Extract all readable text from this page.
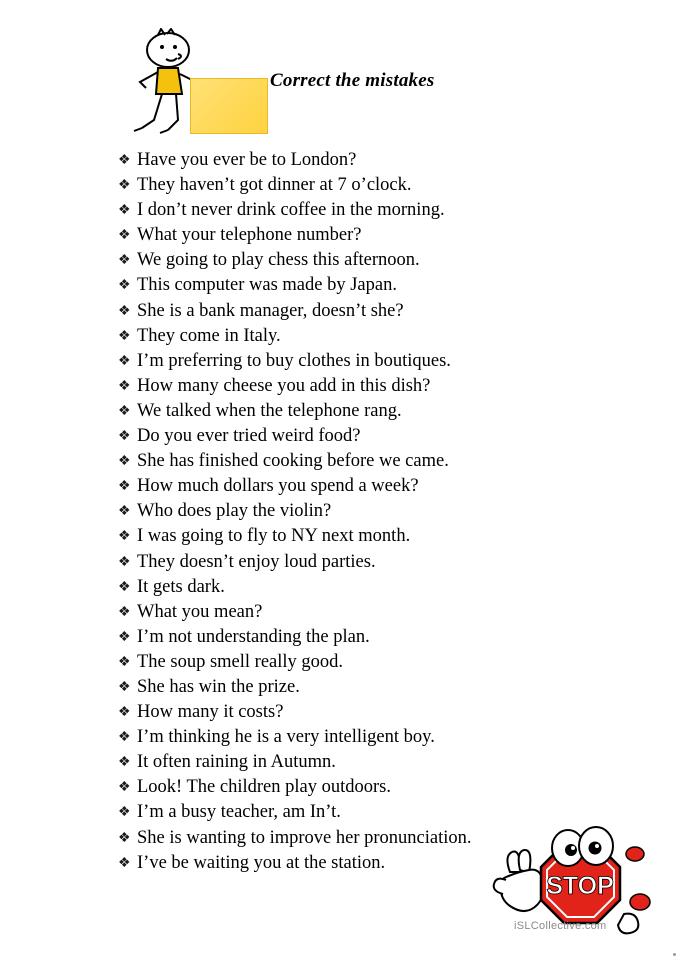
Correct the mistakes
❖ Have you ever be to London?
❖ They haven’t got dinner at 7 o’clock.
❖ I don’t never drink coffee in the morning.
❖ What your telephone number?
❖ We going to play chess this afternoon.
❖ This computer was made by Japan.
❖ She is a bank manager, doesn’t she?
❖ They come in Italy.
❖ I’m preferring to buy clothes in boutiques.
❖ How many cheese you add in this dish?
❖ We talked when the telephone rang.
❖ Do you ever tried weird food?
❖ She has finished cooking before we came.
❖ How much dollars you spend a week?
❖ Who does play the violin?
❖ I was going to fly to NY next month.
❖ They doesn’t enjoy loud parties.
❖ It gets dark.
❖ What you mean?
❖ I’m not understanding the plan.
❖ The soup smell really good.
❖ She has win the prize.
❖ How many it costs?
❖ I’m thinking he is a very intelligent boy.
❖ It often raining in Autumn.
❖ Look! The children play outdoors.
❖ I’m a busy teacher, am In’t.
❖ She is wanting to improve her pronunciation.
❖ I’ve be waiting you at the station.
STOP
iSLCollective.com
